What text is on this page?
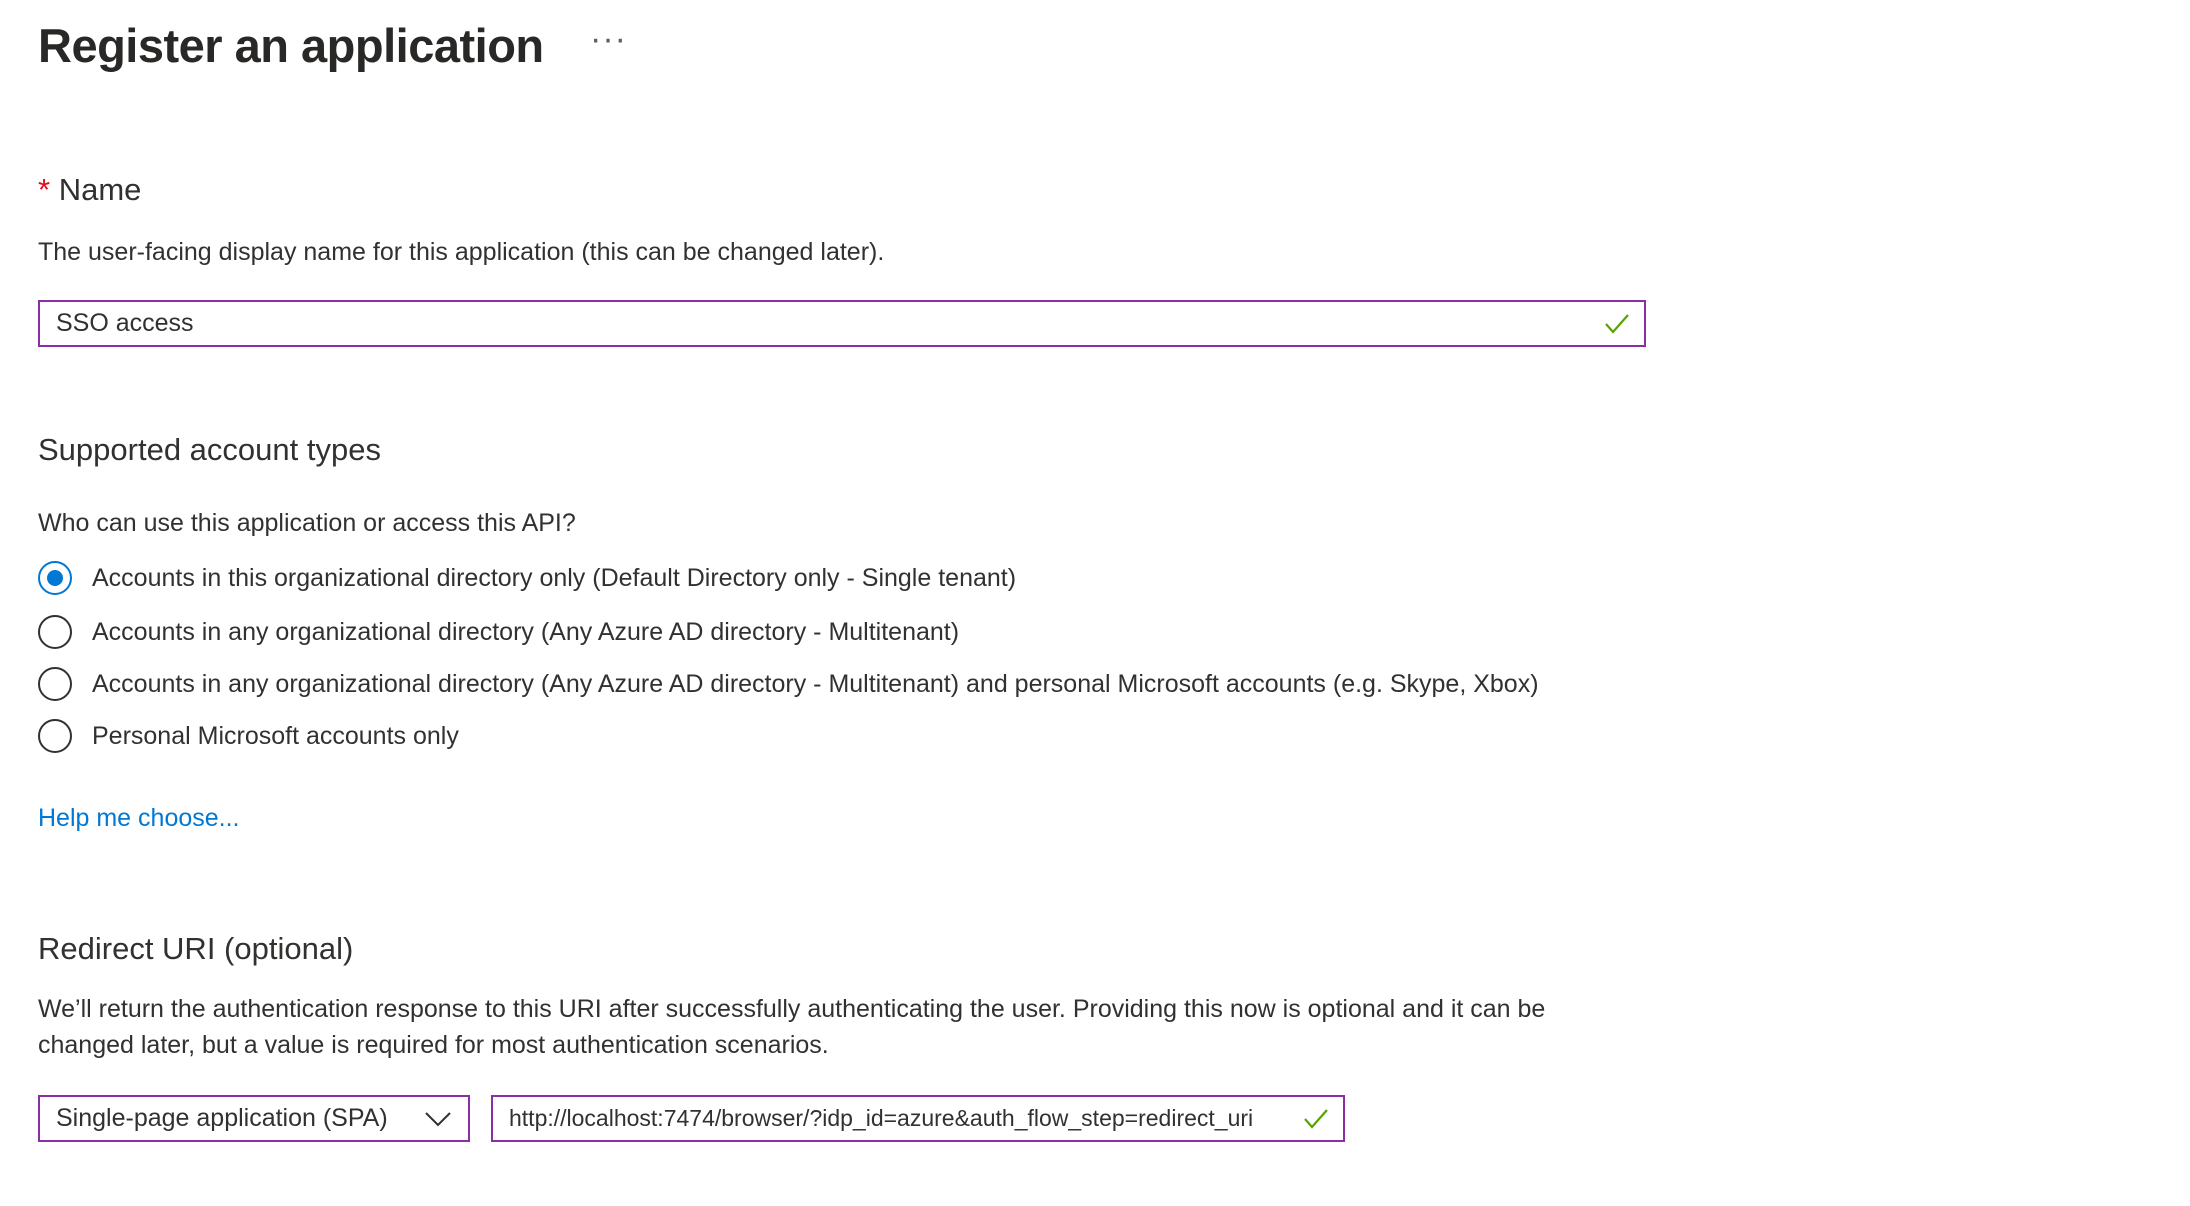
Register an application ···
* Name
The user-facing display name for this application (this can be changed later).
SSO access
Supported account types
Who can use this application or access this API?
Accounts in this organizational directory only (Default Directory only - Single tenant)
Accounts in any organizational directory (Any Azure AD directory - Multitenant)
Accounts in any organizational directory (Any Azure AD directory - Multitenant) and personal Microsoft accounts (e.g. Skype, Xbox)
Personal Microsoft accounts only
Help me choose...
Redirect URI (optional)
We’ll return the authentication response to this URI after successfully authenticating the user. Providing this now is optional and it can be
changed later, but a value is required for most authentication scenarios.
Single-page application (SPA)	http://localhost:7474/browser/?idp_id=azure&auth_flow_step=redirect_uri
